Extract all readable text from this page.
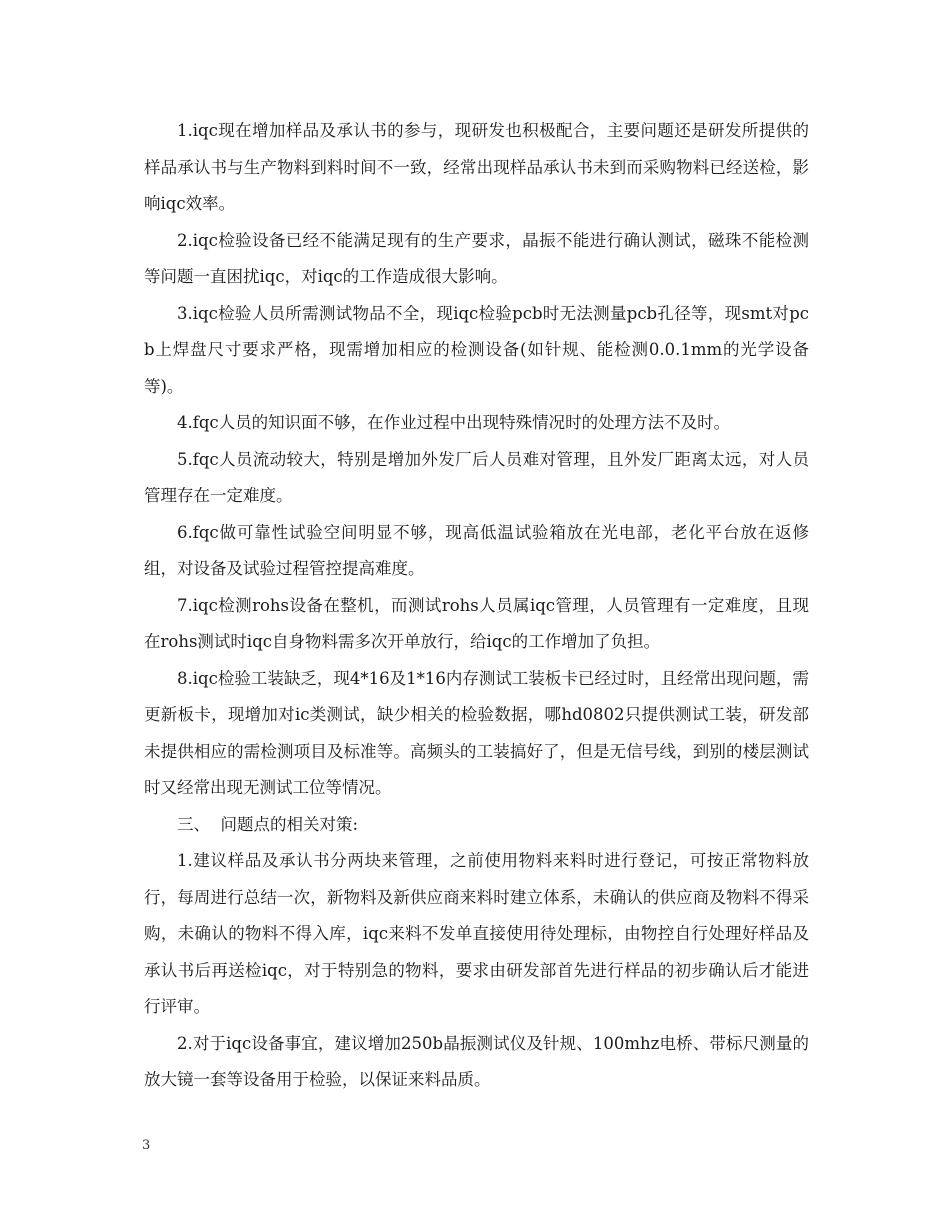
1.iqc现在增加样品及承认书的参与，现研发也积极配合，主要问题还是研发所提供的样品承认书与生产物料到料时间不一致，经常出现样品承认书未到而采购物料已经送检，影响iqc效率。

2.iqc检验设备已经不能满足现有的生产要求，晶振不能进行确认测试，磁珠不能检测等问题一直困扰iqc，对iqc的工作造成很大影响。

3.iqc检验人员所需测试物品不全，现iqc检验pcb时无法测量pcb孔径等，现smt对pcb上焊盘尺寸要求严格，现需增加相应的检测设备(如针规、能检测0.0.1mm的光学设备等)。

4.fqc人员的知识面不够，在作业过程中出现特殊情况时的处理方法不及时。

5.fqc人员流动较大，特别是增加外发厂后人员难对管理，且外发厂距离太远，对人员管理存在一定难度。

6.fqc做可靠性试验空间明显不够，现高低温试验箱放在光电部，老化平台放在返修组，对设备及试验过程管控提高难度。

7.iqc检测rohs设备在整机，而测试rohs人员属iqc管理，人员管理有一定难度，且现在rohs测试时iqc自身物料需多次开单放行，给iqc的工作增加了负担。

8.iqc检验工装缺乏，现4*16及1*16内存测试工装板卡已经过时，且经常出现问题，需更新板卡，现增加对ic类测试，缺少相关的检验数据，哪hd0802只提供测试工装，研发部未提供相应的需检测项目及标准等。高频头的工装搞好了，但是无信号线，到别的楼层测试时又经常出现无测试工位等情况。

三、  问题点的相关对策:

1.建议样品及承认书分两块来管理，之前使用物料来料时进行登记，可按正常物料放行，每周进行总结一次，新物料及新供应商来料时建立体系，未确认的供应商及物料不得采购，未确认的物料不得入库，iqc来料不发单直接使用待处理标，由物控自行处理好样品及承认书后再送检iqc，对于特别急的物料，要求由研发部首先进行样品的初步确认后才能进行评审。

2.对于iqc设备事宜，建议增加250b晶振测试仪及针规、100mhz电桥、带标尺测量的放大镜一套等设备用于检验，以保证来料品质。

3
